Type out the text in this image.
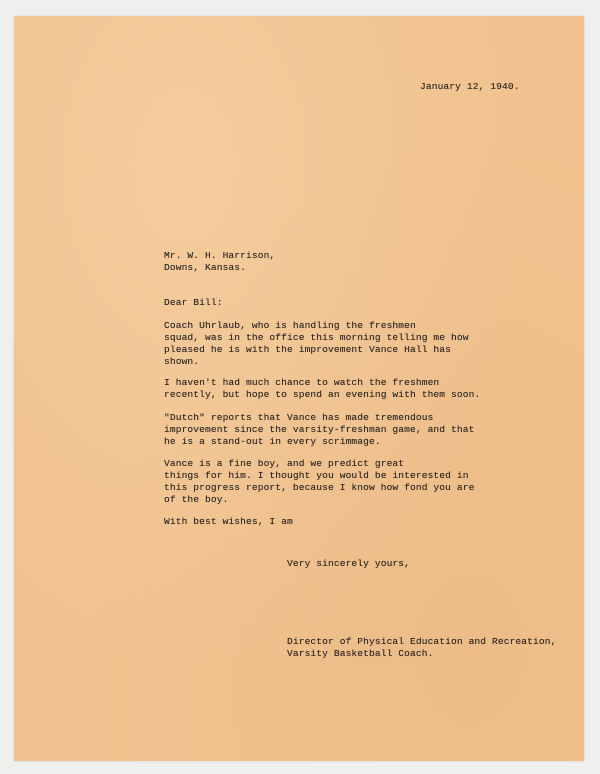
January 12, 1940.
Mr. W. H. Harrison,
Downs, Kansas.
Dear Bill:
Coach Uhrlaub, who is handling the freshmen
squad, was in the office this morning telling me how
pleased he is with the improvement Vance Hall has
shown.
I haven't had much chance to watch the freshmen
recently, but hope to spend an evening with them soon.
"Dutch" reports that Vance has made tremendous
improvement since the varsity-freshman game, and that
he is a stand-out in every scrimmage.
Vance is a fine boy, and we predict great
things for him. I thought you would be interested in
this progress report, because I know how fond you are
of the boy.
With best wishes, I am
Very sincerely yours,
Director of Physical Education and Recreation,
Varsity Basketball Coach.
